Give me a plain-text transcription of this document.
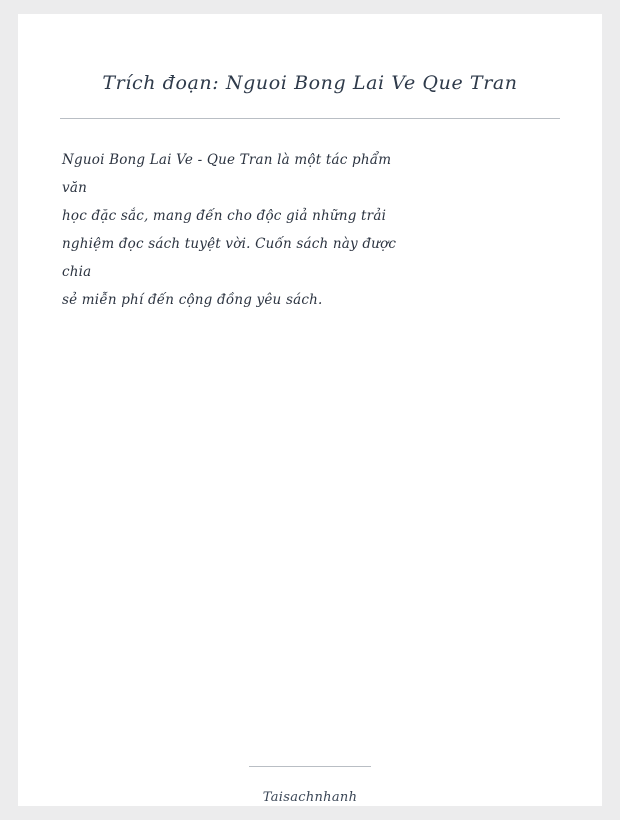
Trích đoạn: Nguoi Bong Lai Ve Que Tran
Nguoi Bong Lai Ve - Que Tran là một tác phẩm
văn
học đặc sắc, mang đến cho độc giả những trải
nghiệm đọc sách tuyệt vời. Cuốn sách này được
chia
sẻ miễn phí đến cộng đồng yêu sách.
Taisachnhanh
